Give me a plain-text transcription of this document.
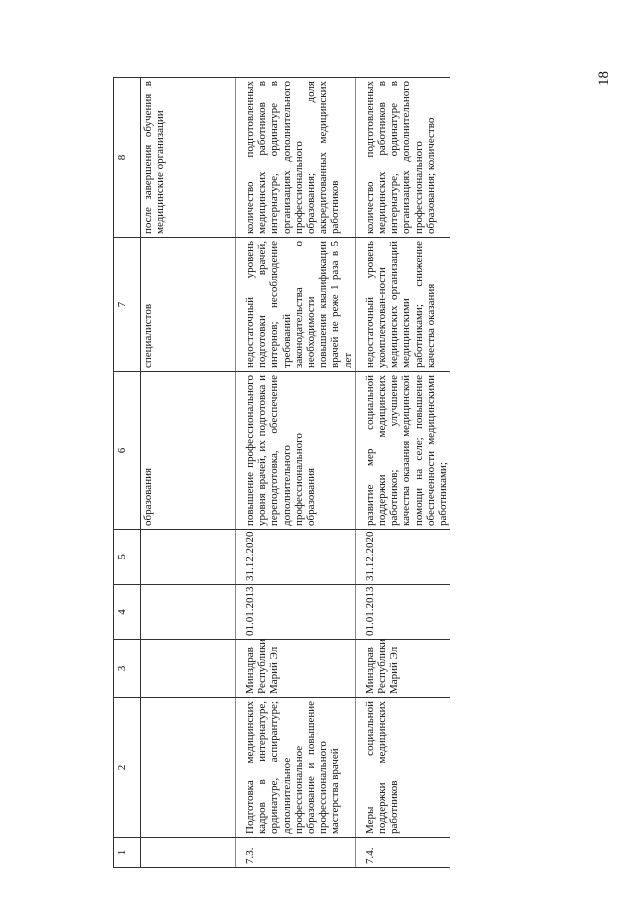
18
1	2	3	4	5	6	7	8
					образования	специалистов	после завершения обучения в медицинские организации
7.3.	Подготовка медицинских кадров в интернатуре, ординатуре, аспирантуре; дополнительное профессиональное образование и повышение профессионального мастерства врачей	Минздрав Республики Марий Эл	01.01.2013	31.12.2020	повышение профессионального уровня врачей, их подготовка и переподготовка, обеспечение дополнительного профессионального образования	недостаточный уровень подготовки врачей, интернов; несоблюдение требований законодательства о необходимости повышения квалификации врачей не реже 1 раза в 5 лет	количество подготовленных медицинских работников в интернатуре, ординатуре в организациях дополнительного профессионального образования; доля аккредитованных медицинских работников
7.4.	Меры социальной поддержки медицинских работников	Минздрав Республики Марий Эл	01.01.2013	31.12.2020	развитие мер социальной поддержки медицинских работников; улучшение качества оказания медицинской помощи на селе; повышение обеспеченности медицинскими работниками;	недостаточный уровень укомплектован-ности медицинских организаций медицинскими работниками; снижение качества оказания	количество подготовленных медицинских работников в интернатуре, ординатуре в организациях дополнительного профессионального образования; количество
